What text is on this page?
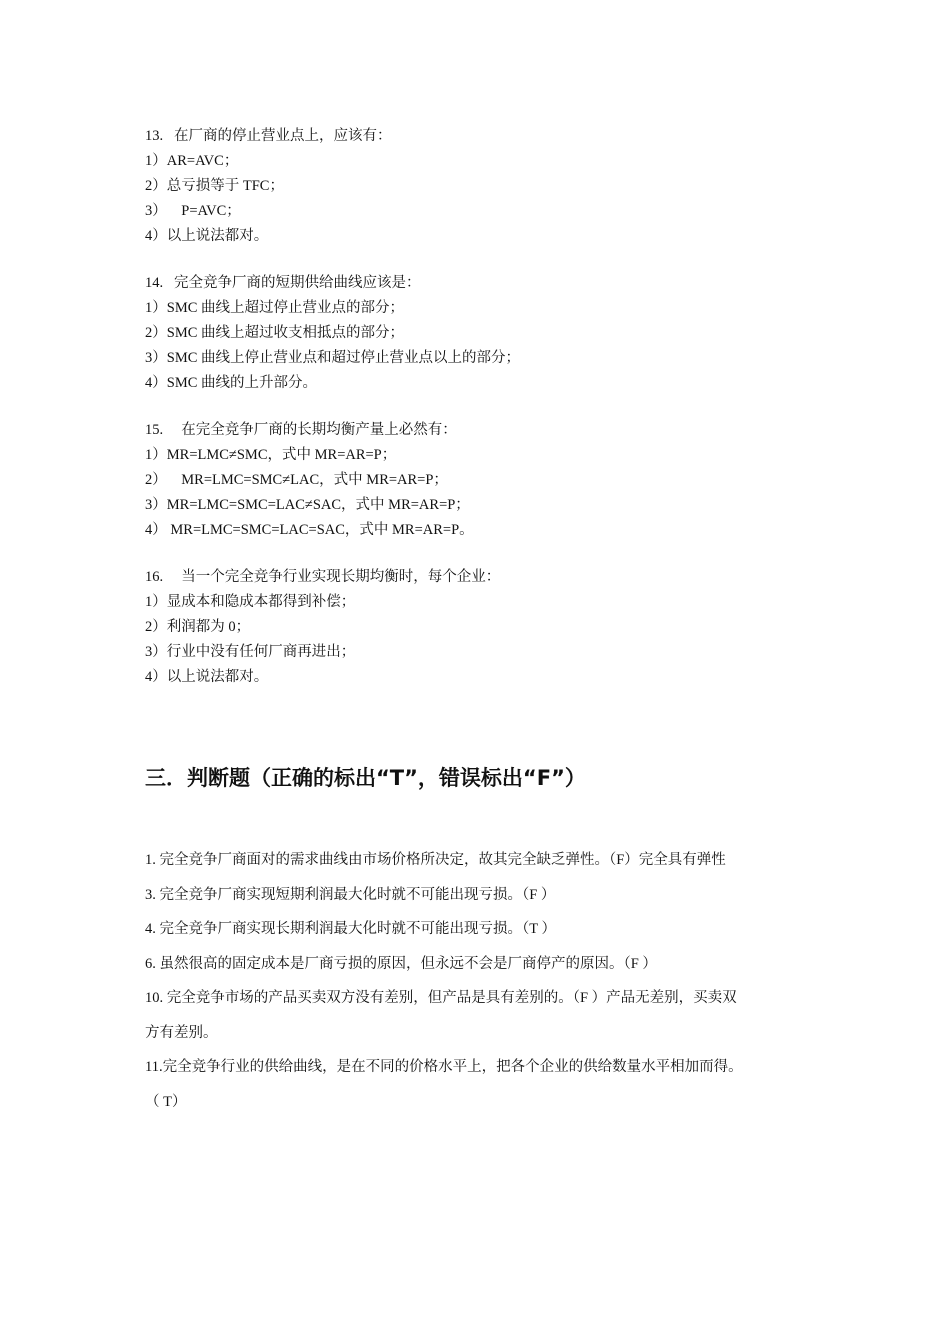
13.   在厂商的停止营业点上，应该有：
1）AR=AVC；
2）总亏损等于 TFC；
3）    P=AVC；
4）以上说法都对。
14.   完全竞争厂商的短期供给曲线应该是：
1）SMC 曲线上超过停止营业点的部分；
2）SMC 曲线上超过收支相抵点的部分；
3）SMC 曲线上停止营业点和超过停止营业点以上的部分；
4）SMC 曲线的上升部分。
15.     在完全竞争厂商的长期均衡产量上必然有：
1）MR=LMC≠SMC，式中 MR=AR=P；
2）    MR=LMC=SMC≠LAC，式中 MR=AR=P；
3）MR=LMC=SMC=LAC≠SAC，式中 MR=AR=P；
4） MR=LMC=SMC=LAC=SAC，式中 MR=AR=P。
16.     当一个完全竞争行业实现长期均衡时，每个企业：
1）显成本和隐成本都得到补偿；
2）利润都为 0；
3）行业中没有任何厂商再进出；
4）以上说法都对。
三．判断题（正确的标出“T”，错误标出“F”）
1. 完全竞争厂商面对的需求曲线由市场价格所决定，故其完全缺乏弹性。（F）完全具有弹性
3. 完全竞争厂商实现短期利润最大化时就不可能出现亏损。（F ）
4. 完全竞争厂商实现长期利润最大化时就不可能出现亏损。（T ）
6. 虽然很高的固定成本是厂商亏损的原因，但永远不会是厂商停产的原因。（F ）
10. 完全竞争市场的产品买卖双方没有差别，但产品是具有差别的。（F ）产品无差别，买卖双
方有差别。
11.完全竞争行业的供给曲线，是在不同的价格水平上，把各个企业的供给数量水平相加而得。
（ T）
